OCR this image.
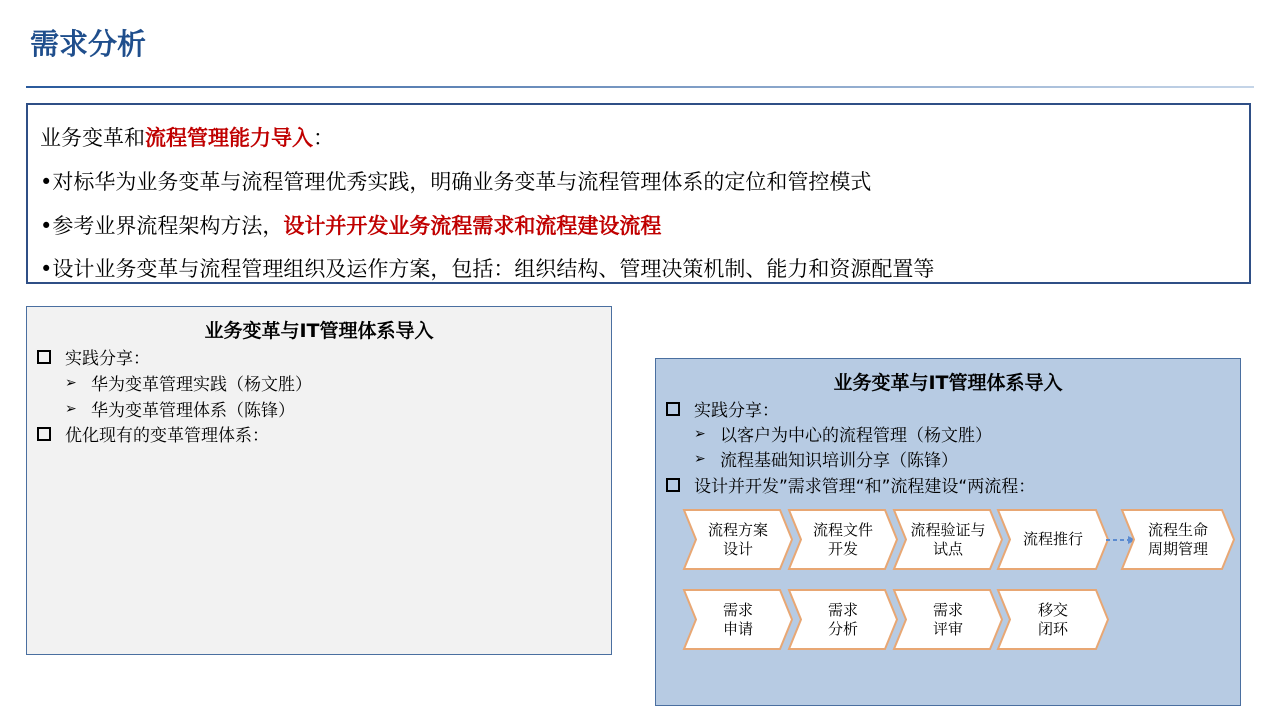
需求分析
业务变革和流程管理能力导入：
•对标华为业务变革与流程管理优秀实践，明确业务变革与流程管理体系的定位和管控模式
•参考业界流程架构方法，设计并开发业务流程需求和流程建设流程
•设计业务变革与流程管理组织及运作方案，包括：组织结构、管理决策机制、能力和资源配置等
业务变革与IT管理体系导入
实践分享：
➢ 华为变革管理实践（杨文胜）
➢ 华为变革管理体系（陈锋）
优化现有的变革管理体系：
业务变革与IT管理体系导入
实践分享：
➢ 以客户为中心的流程管理（杨文胜）
➢ 流程基础知识培训分享（陈锋）
设计并开发”需求管理“和”流程建设“两流程：
流程方案
设计
流程文件
开发
流程验证与
试点
流程推行
流程生命
周期管理
需求
申请
需求
分析
需求
评审
移交
闭环
